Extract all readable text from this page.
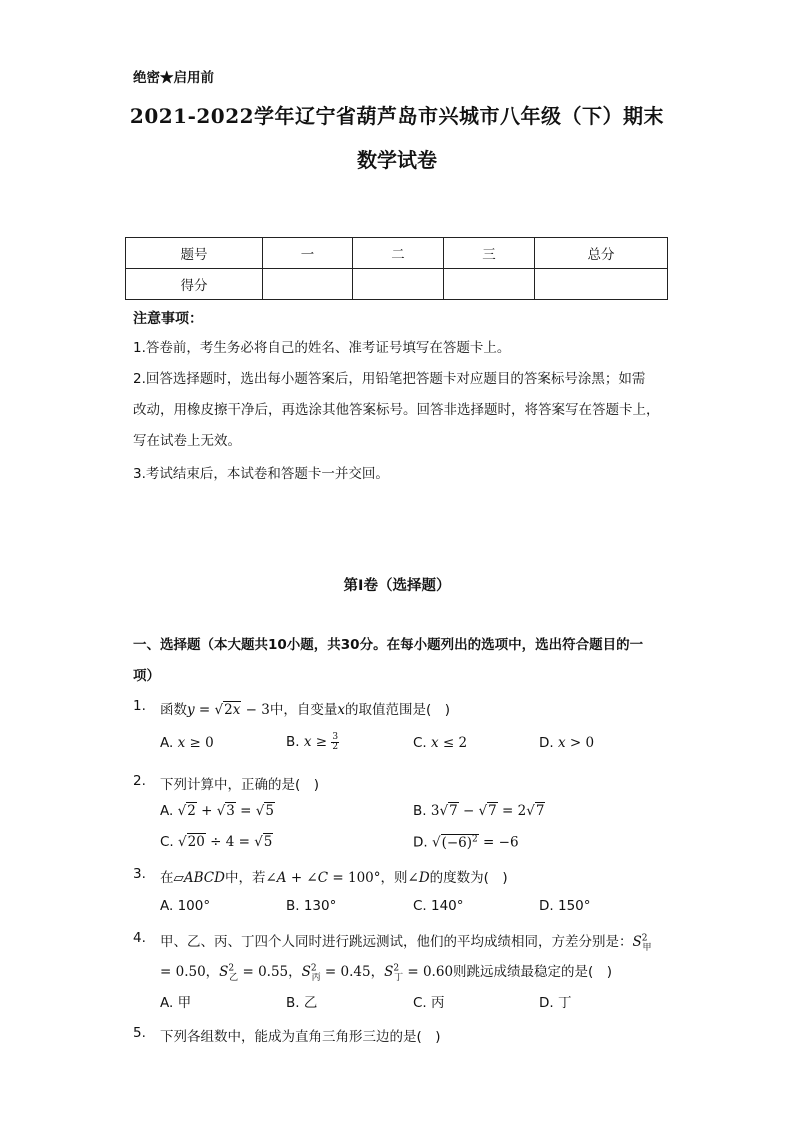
绝密★启用前
2021-2022学年辽宁省葫芦岛市兴城市八年级（下）期末
数学试卷
题号	一	二	三	总分
得分				
注意事项：
1.答卷前，考生务必将自己的姓名、准考证号填写在答题卡上。
2.回答选择题时，选出每小题答案后，用铅笔把答题卡对应题目的答案标号涂黑；如需
改动，用橡皮擦干净后，再选涂其他答案标号。回答非选择题时，将答案写在答题卡上，
写在试卷上无效。
3.考试结束后，本试卷和答题卡一并交回。
第I卷（选择题）
一、选择题（本大题共10小题，共30分。在每小题列出的选项中，选出符合题目的一
项）
1. 函数y = √2x − 3中，自变量x的取值范围是(　)
A. x ≥ 0	B. $x \ge \frac{3}{2}$	C. x ≤ 2	D. x > 0
2. 下列计算中，正确的是(　)
A. √2 + √3 = √5	B. 3√7 − √7 = 2√7
C. √20 ÷ 4 = √5	D. $√(-6)^2 = -6$
3. 在▱ABCD中，若∠A + ∠C = 100°，则∠D的度数为(　)
A. 100°	B. 130°	C. 140°	D. 150°
4. 甲、乙、丙、丁四个人同时进行跳远测试，他们的平均成绩相同，方差分别是：$S^2_甲$
= 0.50，$S^2_乙 = 0.55$，$S^2_丙 = 0.45$，$S^2_丁 = 0.60$则跳远成绩最稳定的是(　)
A. 甲	B. 乙	C. 丙	D. 丁
5. 下列各组数中，能成为直角三角形三边的是(　)
